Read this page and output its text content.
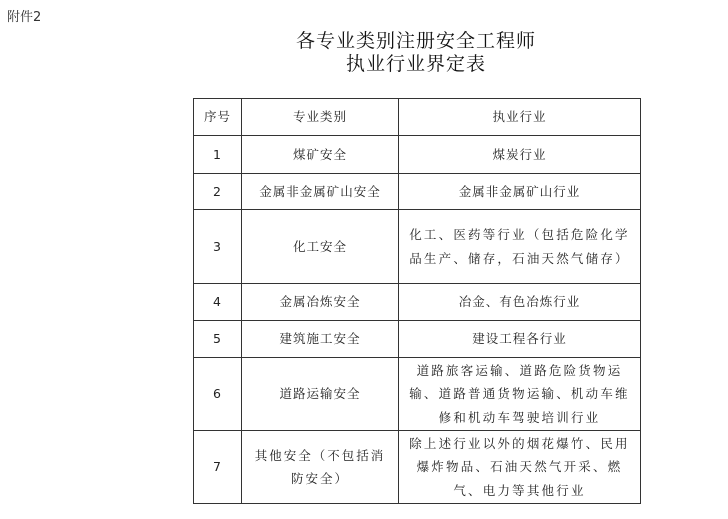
附件2
各专业类别注册安全工程师
执业行业界定表
序号	专业类别	执业行业
1	煤矿安全	煤炭行业
2	金属非金属矿山安全	金属非金属矿山行业
3	化工安全	化工、医药等行业（包括危险化学品生产、储存，石油天然气储存）
4	金属冶炼安全	冶金、有色冶炼行业
5	建筑施工安全	建设工程各行业
6	道路运输安全	道路旅客运输、道路危险货物运输、道路普通货物运输、机动车维修和机动车驾驶培训行业
7	其他安全（不包括消防安全）	除上述行业以外的烟花爆竹、民用爆炸物品、石油天然气开采、燃气、电力等其他行业
